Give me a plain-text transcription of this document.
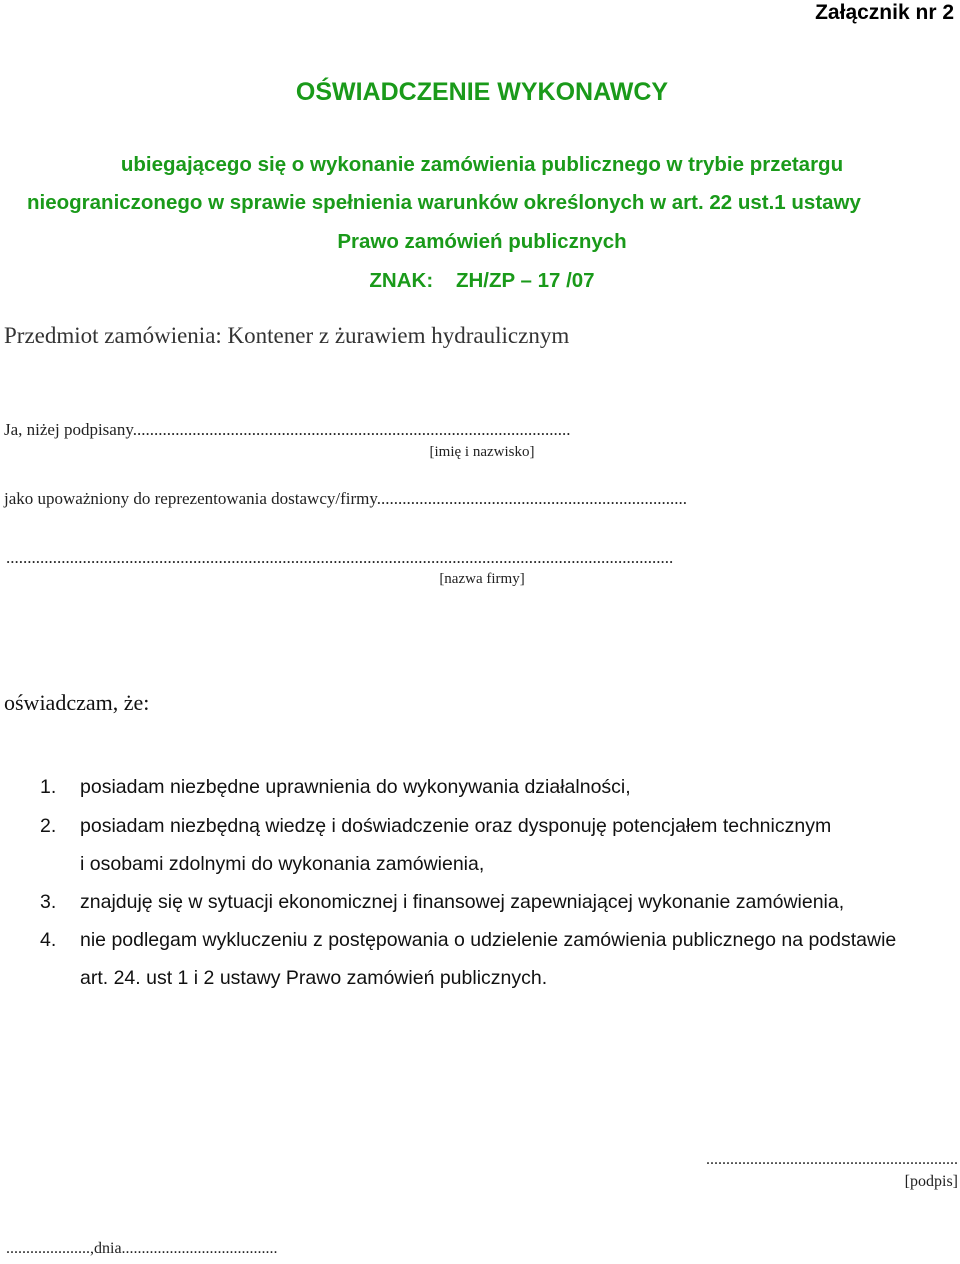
Załącznik nr 2
OŚWIADCZENIE WYKONAWCY
ubiegającego się o wykonanie zamówienia publicznego w trybie przetargu
nieograniczonego w sprawie spełnienia warunków określonych w art. 22 ust.1 ustawy
Prawo zamówień publicznych
ZNAK:    ZH/ZP – 17 /07
Przedmiot zamówienia: Kontener z żurawiem hydraulicznym
Ja, niżej podpisany.......................................................................................................
[imię i nazwisko]
jako upoważniony do reprezentowania dostawcy/firmy.........................................................................
.............................................................................................................................................................
[nazwa firmy]
oświadczam, że:
1. posiadam niezbędne uprawnienia do wykonywania działalności,
2. posiadam niezbędną wiedzę i doświadczenie oraz dysponuję potencjałem technicznym
i osobami zdolnymi do wykonania zamówienia,
3. znajduję się w sytuacji ekonomicznej i finansowej zapewniającej wykonanie zamówienia,
4. nie podlegam wykluczeniu z postępowania o udzielenie zamówienia publicznego na podstawie
art. 24. ust 1 i 2 ustawy Prawo zamówień publicznych.
...............................................................
[podpis]
.....................,dnia.......................................
